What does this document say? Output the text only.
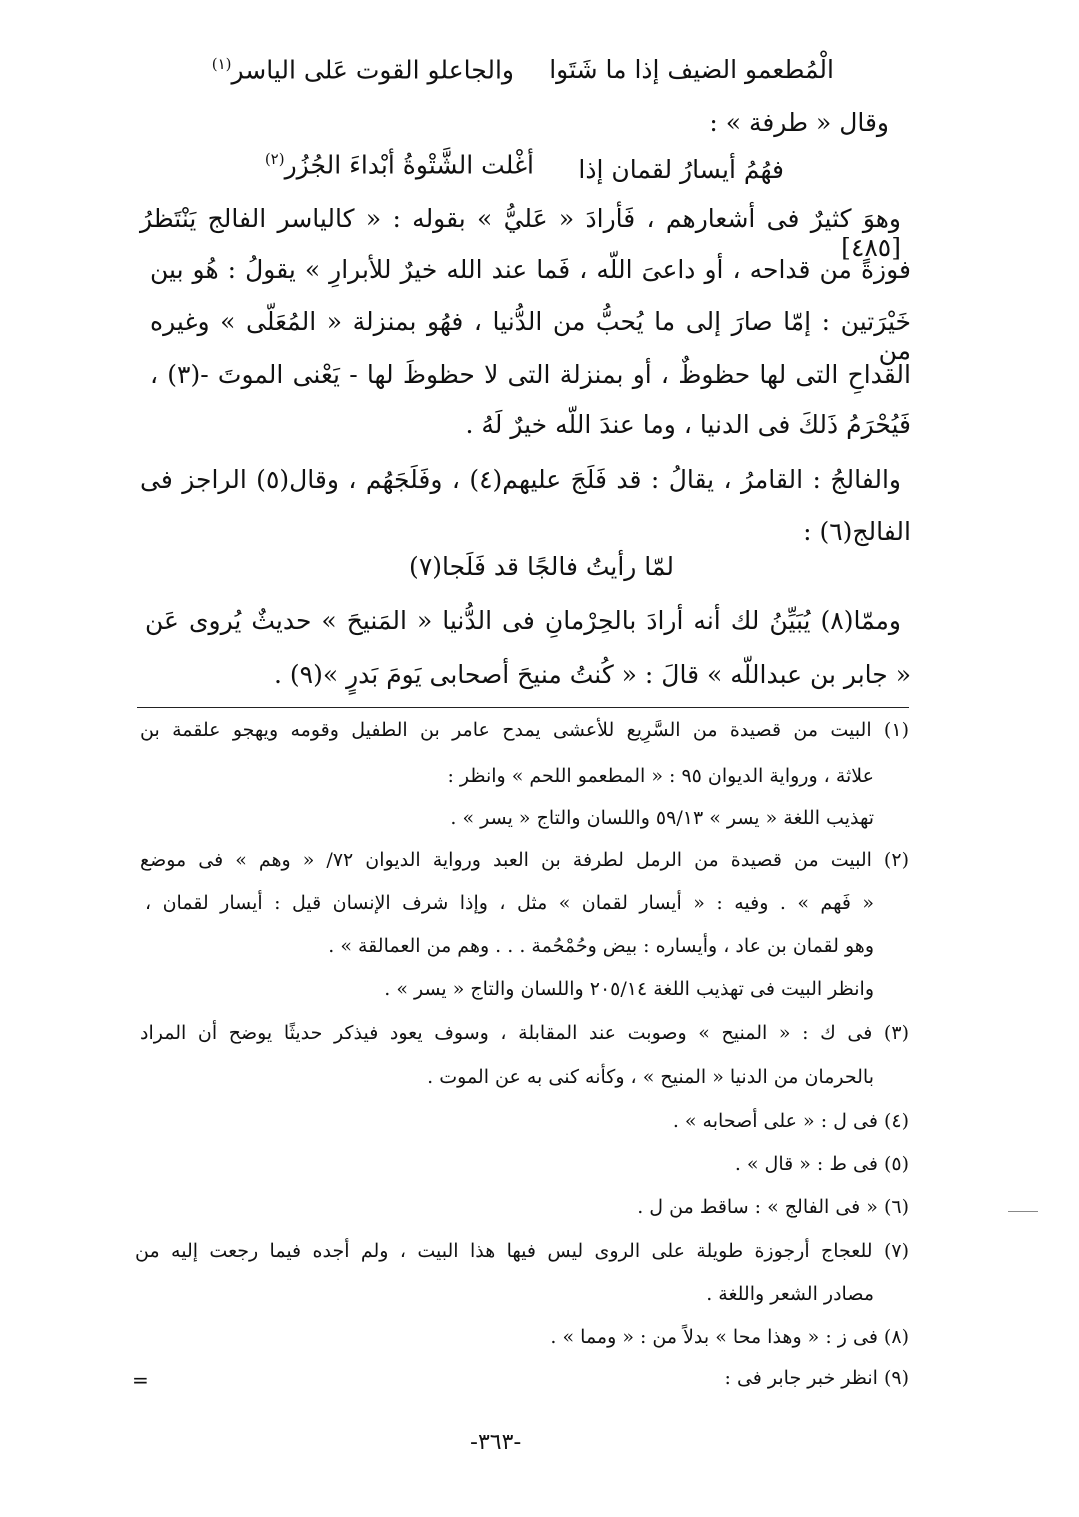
الْمُطعمو الضيف إذا ما شَتَوا
والجاعلو القوت عَلى الياسر$^{(١)}$
وقال « طرفة » :
فهُمُ أيسارُ لقمان إذا
أغْلت الشَّتْوةُ أبْداءَ الجُزُر$^{(٢)}$
وهوَ كثيرٌ فى أشعارهم ، فَأرادَ « عَليُّ » بقوله : « كالياسر الفالج يَنْتَظرُ [٤٨٥]
فوزةً من قداحه ، أو داعىَ اللّه ، فَما عند الله خيرٌ للأبرارِ » يقولُ : هُو بين
خَيْرَتين : إمّا صارَ إلى ما يُحبُّ من الدُّنيا ، فهُو بمنزلة « المُعَلّى » وغيره من
القداحِ التى لها حظوظٌ ، أو بمنزلة التى لا حظوظَ لها - يَعْنى الموتَ -(٣) ،
فَيُحْرَمُ ذَلكَ فى الدنيا ، وما عندَ اللّه خيرٌ لَهُ .
والفالجُ : القامرُ ، يقالُ : قد فَلَجَ عليهم(٤) ، وفَلَجَهُم ، وقال(٥) الراجز فى
الفالج(٦) :
لمّا رأيتُ فالجًا قد فَلَجا(٧)
وممّا(٨) يُبَيِّنُ لك أنه أرادَ بالحِرْمانِ فى الدُّنيا « المَنيحَ » حديثٌ يُروى عَن
« جابر بن عبداللّه » قالَ : « كُنتُ منيحَ أصحابى يَومَ بَدرٍ »(٩) .
(١) البيت من قصيدة من السَّرِيع للأعشى يمدح عامر بن الطفيل وقومه ويهجو علقمة بن
علاثة ، ورواية الديوان ٩٥ : « المطعمو اللحم » وانظر :
تهذيب اللغة « يسر » ٥٩/١٣ واللسان والتاج « يسر » .
(٢) البيت من قصيدة من الرمل لطرفة بن العبد ورواية الديوان ٧٢/ « وهم » فى موضع
« فَهم » . وفيه : « أيسار لقمان » مثل ، وإذا شرف الإنسان قيل : أيسار لقمان ،
وهو لقمان بن عاد ، وأيساره : بيض وحُمْحُمة . . . وهم من العمالقة » .
وانظر البيت فى تهذيب اللغة ٢٠٥/١٤ واللسان والتاج « يسر » .
(٣) فى ك : « المنيح » وصوبت عند المقابلة ، وسوف يعود فيذكر حديثًا يوضح أن المراد
بالحرمان من الدنيا « المنيح » ، وكأنه كنى به عن الموت .
(٤) فى ل : « على أصحابه » .
(٥) فى ط : « قال » .
(٦) « فى الفالج » : ساقط من ل .
(٧) للعجاج أرجوزة طويلة على الروى ليس فيها هذا البيت ، ولم أجده فيما رجعت إليه من
مصادر الشعر واللغة .
(٨) فى ز : « وهذا محا » بدلاً من : « ومما » .
(٩) انظر خبر جابر فى :
=
-٣٦٣-
